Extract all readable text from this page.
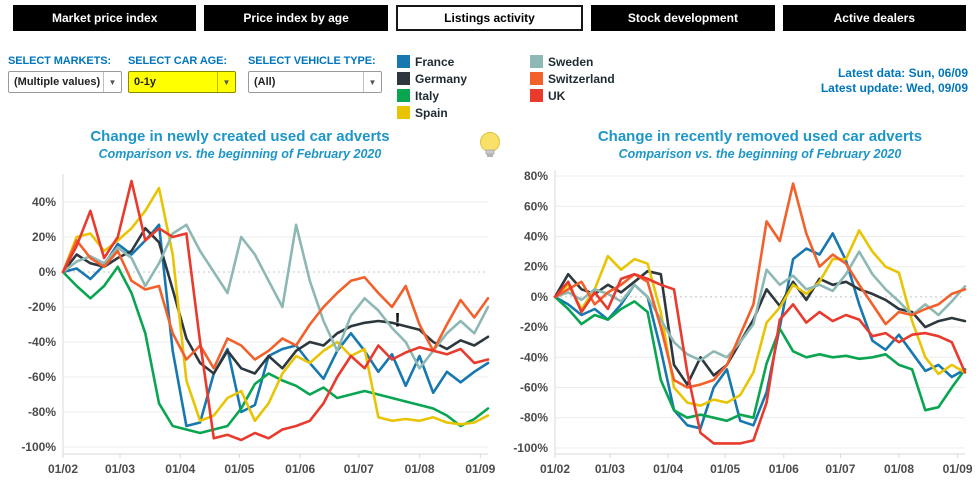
Market price index	Price index by age	Listings activity	Stock development	Active dealers
SELECT MARKETS:
(Multiple values)	▼
SELECT CAR AGE:
0-1y	▼
SELECT VEHICLE TYPE:
(All)	▼
France
Germany
Italy
Spain
Sweden
Switzerland
UK
Latest data: Sun, 06/09
Latest update: Wed, 09/09
Change in newly created used car adverts
Comparison vs. the beginning of February 2020
Change in recently removed used car adverts
Comparison vs. the beginning of February 2020
40%
20%
0%
-20%
-40%
-60%
-80%
-100%
01/02 01/03	01/04 01/05	01/06 01/07	01/08	01/09
!
80%
60%
40%
20%
0%
-20%
-40%
-60%
-80%
-100%
01/02 01/03 01/04 01/05 01/06 01/07 01/08 01/09
